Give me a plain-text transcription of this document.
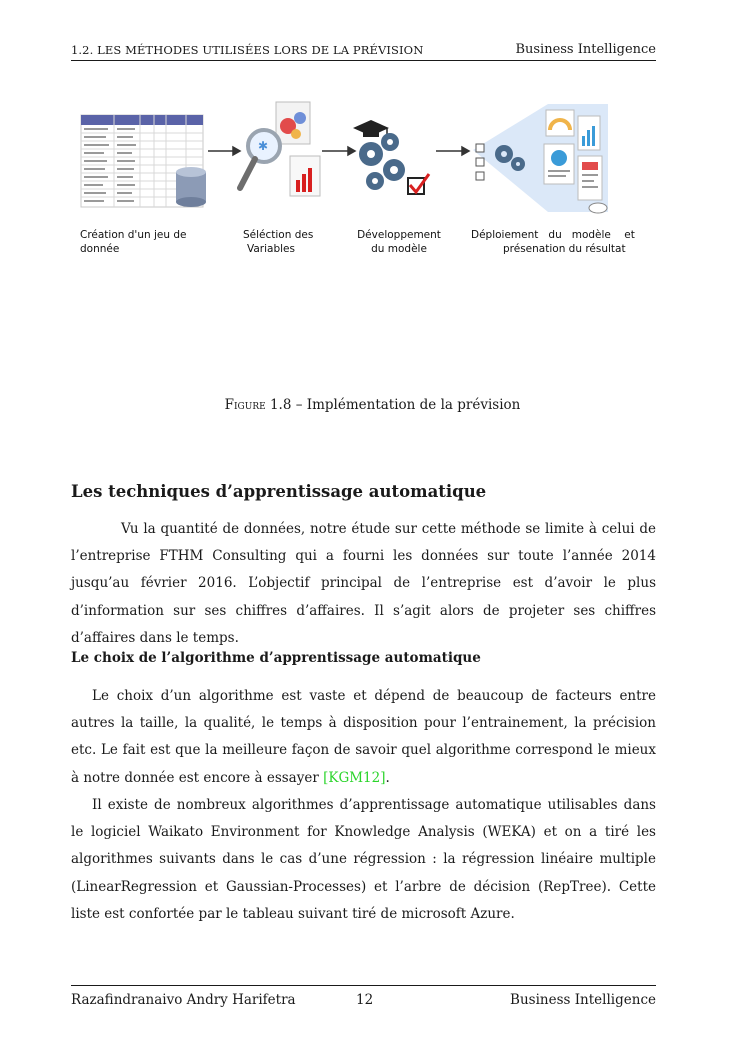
1.2. LES MÉTHODES UTILISÉES LORS DE LA PRÉVISION	Business Intelligence
✱
Création d'un jeu de
donnée
Séléction des
Variables
Développement
du modèle
Déploiement   du   modèle    et
présenation du résultat
Figure 1.8 – Implémentation de la prévision
Les techniques d’apprentissage automatique

Vu la quantité de données, notre étude sur cette méthode se limite à celui de l’entreprise FTHM Consulting qui a fourni les données sur toute l’année 2014 jusqu’au février 2016. L’objectif principal de l’entreprise est d’avoir le plus d’information sur ses chiffres d’affaires. Il s’agit alors de projeter ses chiffres d’affaires dans le temps.

Le choix de l’algorithme d’apprentissage automatique

Le choix d’un algorithme est vaste et dépend de beaucoup de facteurs entre autres la taille, la qualité, le temps à disposition pour l’entrainement, la précision etc. Le fait est que la meilleure façon de savoir quel algorithme correspond le mieux à notre donnée est encore à essayer [KGM12].

Il existe de nombreux algorithmes d’apprentissage automatique utilisables dans le logiciel Waikato Environment for Knowledge Analysis (WEKA) et on a tiré les algorithmes suivants dans le cas d’une régression : la régression linéaire multiple (LinearRegression et Gaussian-Processes) et l’arbre de décision (RepTree). Cette liste est confortée par le tableau suivant tiré de microsoft Azure.

Razafindranaivo Andry Harifetra	12	Business Intelligence
